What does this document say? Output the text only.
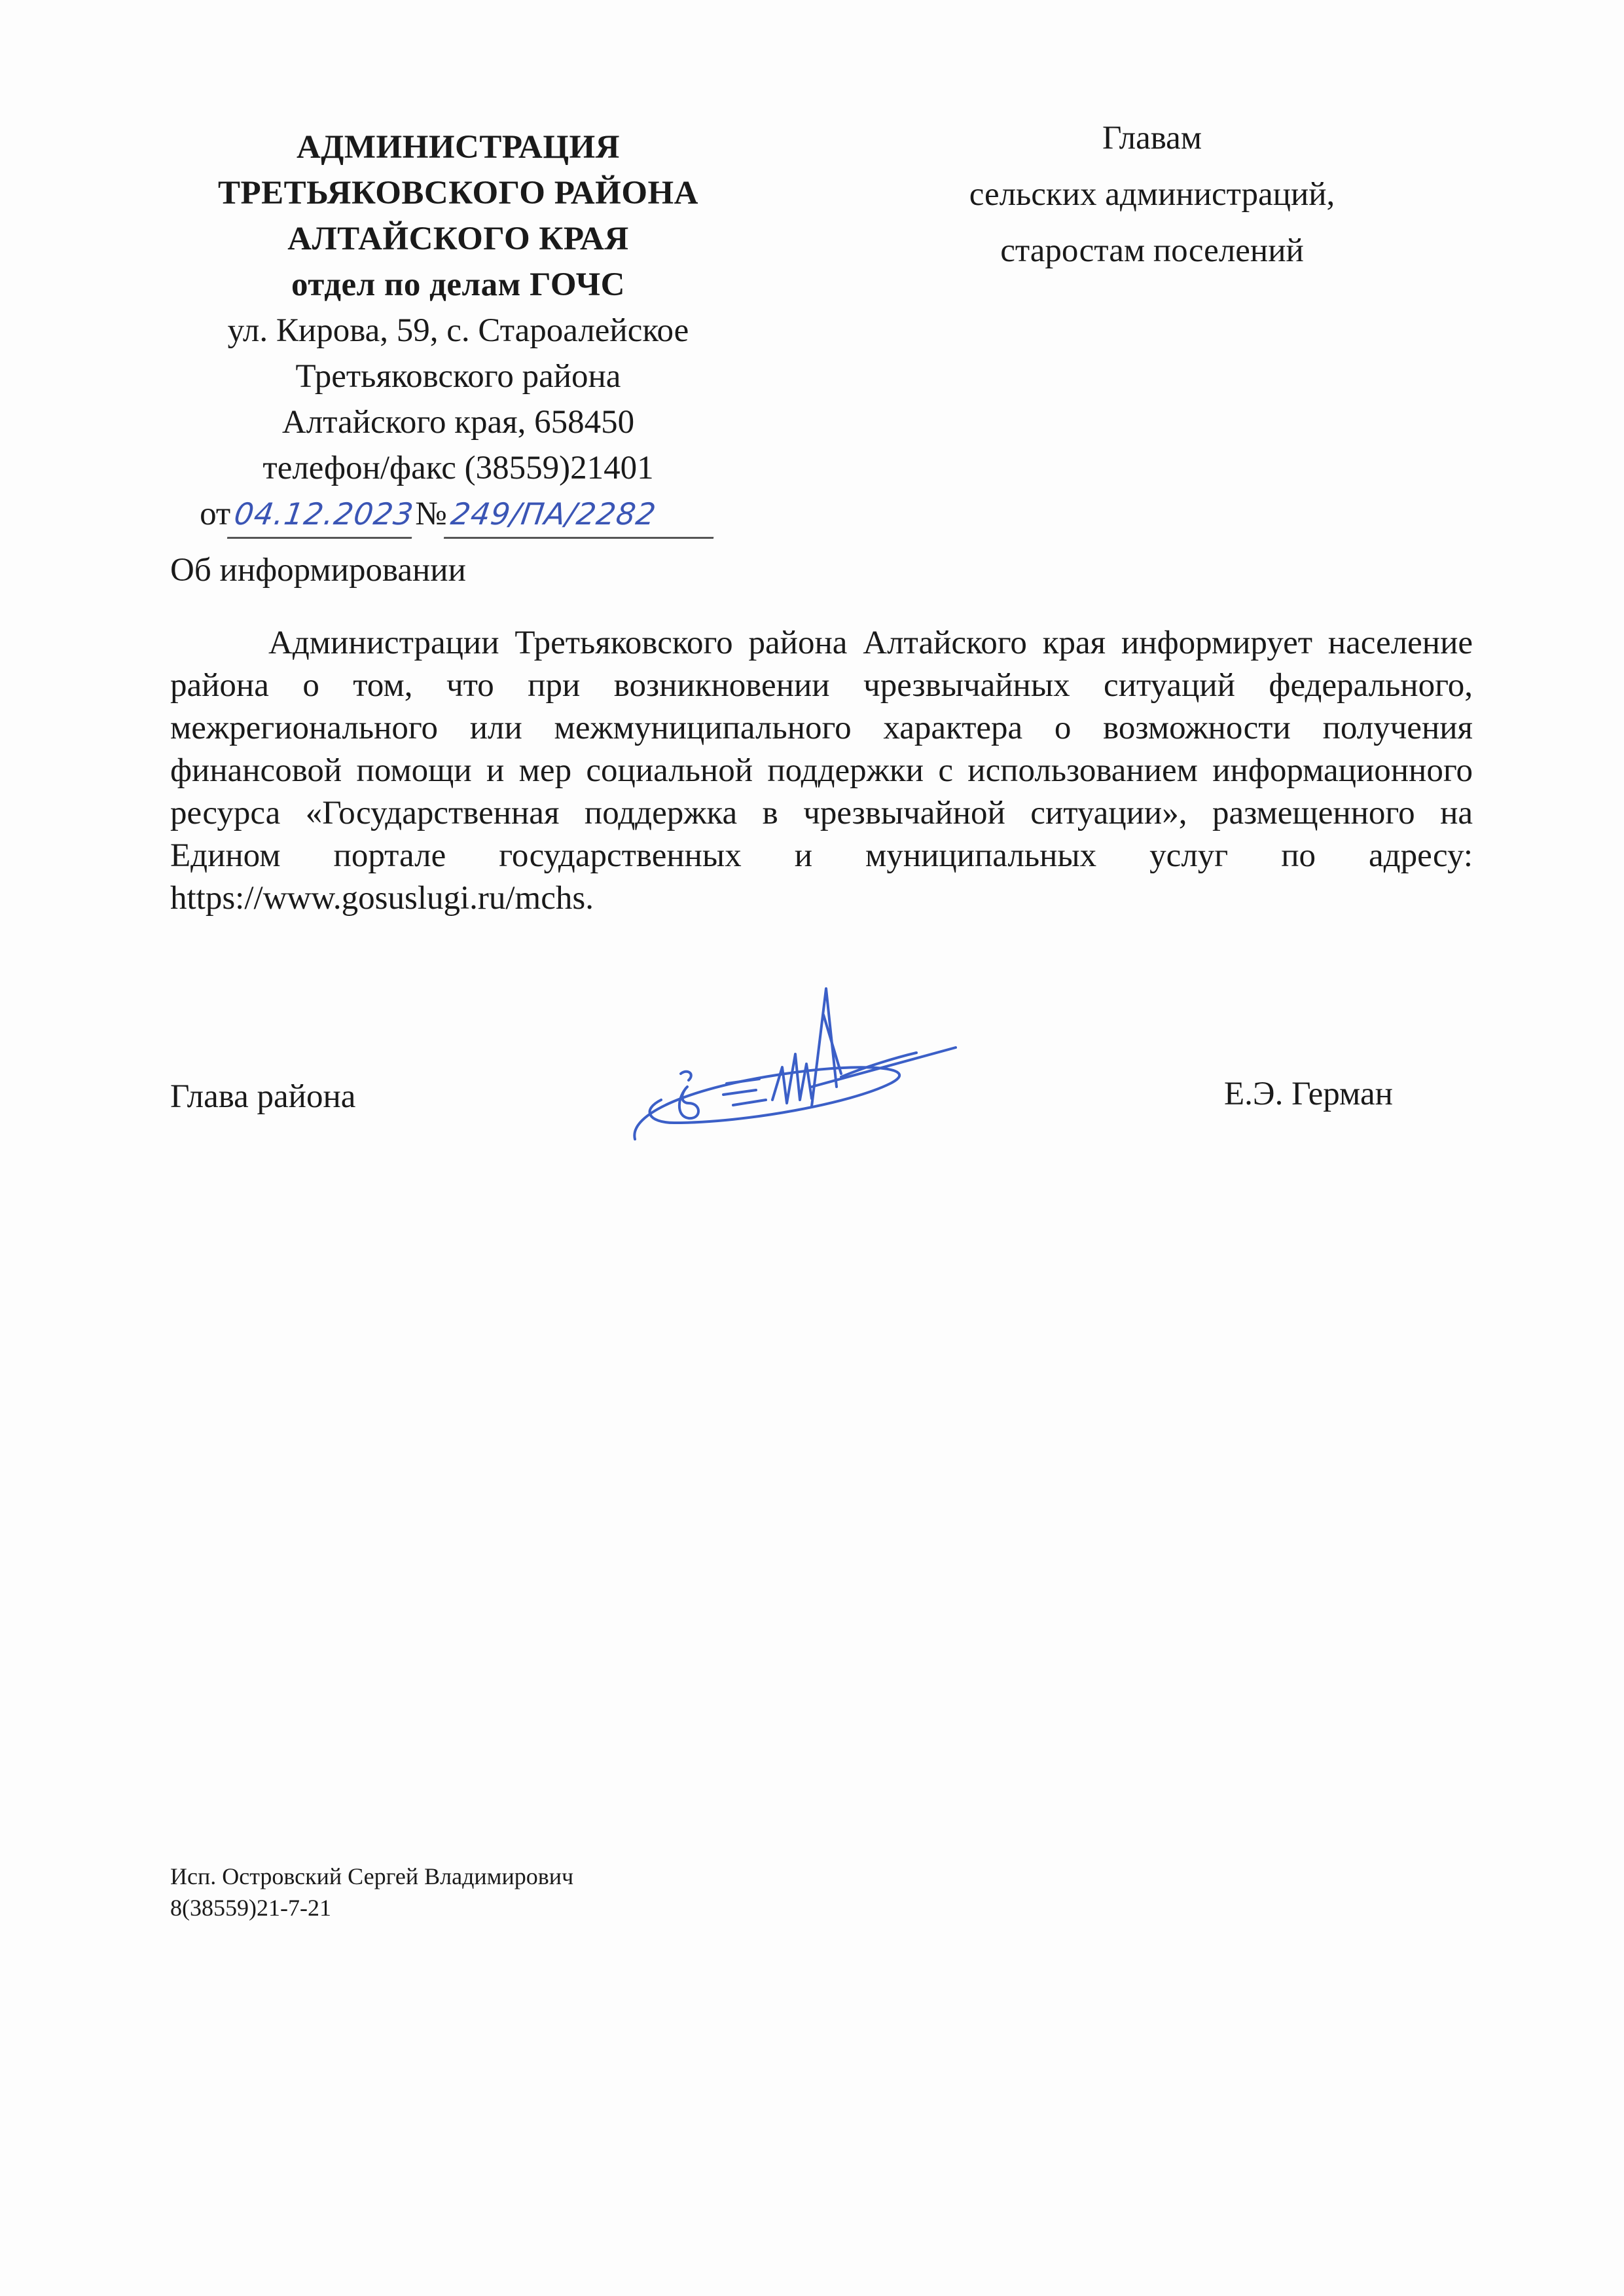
АДМИНИСТРАЦИЯ
ТРЕТЬЯКОВСКОГО РАЙОНА
АЛТАЙСКОГО КРАЯ
отдел по делам ГОЧС
ул. Кирова, 59, с. Староалейское
Третьяковского района
Алтайского края, 658450
телефон/факс (38559)21401
от04.12.2023№249/ПА/2282
Главам
сельских администраций,
старостам поселений
Об информировании
Администрации Третьяковского района Алтайского края информирует население района о том, что при возникновении чрезвычайных ситуаций федерального, межрегионального или межмуниципального характера о возможности получения финансовой помощи и мер социальной поддержки с использованием информационного ресурса «Государственная поддержка в чрезвычайной ситуации», размещенного на Едином портале государственных и муниципальных услуг по адресу: https://www.gosuslugi.ru/mchs.
Глава района	Е.Э. Герман
Исп. Островский Сергей Владимирович
8(38559)21-7-21
